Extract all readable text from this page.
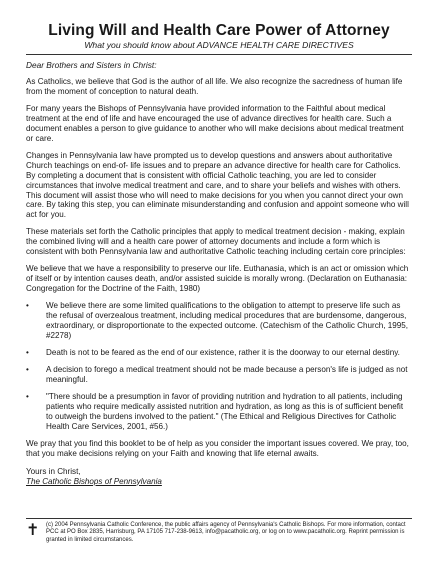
Living Will and Health Care Power of Attorney
What you should know about ADVANCE HEALTH CARE DIRECTIVES
Dear Brothers and Sisters in Christ:
As Catholics, we believe that God is the author of all life. We also recognize the sacredness of human life from the moment of conception to natural death.
For many years the Bishops of Pennsylvania have provided information to the Faithful about medical treatment at the end of life and have encouraged the use of advance directives for health care. Such a document enables a person to give guidance to another who will make decisions about medical treatment or care.
Changes in Pennsylvania law have prompted us to develop questions and answers about authoritative Church teachings on end-of- life issues and to prepare an advance directive for health care for Catholics. By completing a document that is consistent with official Catholic teaching, you are led to consider circumstances that involve medical treatment and care, and to share your beliefs and wishes with others. This document will assist those who will need to make decisions for you when you cannot direct your own care. By taking this step, you can eliminate misunderstanding and confusion and appoint someone who will act for you.
These materials set forth the Catholic principles that apply to medical treatment decision - making, explain the combined living will and a health care power of attorney documents and include a form which is consistent with both Pennsylvania law and authoritative Catholic teaching including certain core principles:
We believe that we have a responsibility to preserve our life. Euthanasia, which is an act or omission which of itself or by intention causes death, and/or assisted suicide is morally wrong. (Declaration on Euthanasia: Congregation for the Doctrine of the Faith, 1980)
•	We believe there are some limited qualifications to the obligation to attempt to preserve life such as the refusal of overzealous treatment, including medical procedures that are burdensome, dangerous, extraordinary, or disproportionate to the expected outcome. (Catechism of the Catholic Church, 1995, #2278)
•	Death is not to be feared as the end of our existence, rather it is the doorway to our eternal destiny.
•	A decision to forego a medical treatment should not be made because a person's life is judged as not meaningful.
•	"There should be a presumption in favor of providing nutrition and hydration to all patients, including patients who require medically assisted nutrition and hydration, as long as this is of sufficient benefit to outweigh the burdens involved to the patient." (The Ethical and Religious Directives for Catholic Health Care Services, 2001, #56.)
We pray that you find this booklet to be of help as you consider the important issues covered. We pray, too, that you make decisions relying on your Faith and knowing that life eternal awaits.
Yours in Christ,
The Catholic Bishops of Pennsylvania
✝	(c) 2004 Pennsylvania Catholic Conference, the public affairs agency of Pennsylvania's Catholic Bishops. For more information, contact PCC at PO Box 2835, Harrisburg, PA 17105 717-238-9613, info@pacatholic.org, or log on to www.pacatholic.org. Reprint permission is granted in limited circumstances.
